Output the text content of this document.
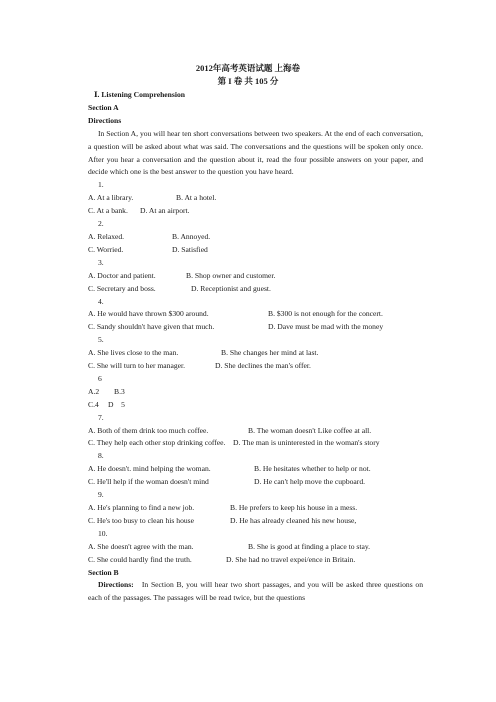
2012年高考英语试题 上海卷
第 I 卷 共 105 分
Ⅰ. Listening Comprehension
Section A
Directions
In Section A, you will hear ten short conversations between two speakers. At the end of each conversation, a question will be asked about what was said. The conversations and the questions will be spoken only once. After you hear a conversation and the question about it, read the four possible answers on your paper, and decide which one is the best answer to the question you have heard.
1.
A. At a library.	B. At a hotel.
C. At a bank. D. At an airport.
2.
A. Relaxed.	B. Annoyed.
C. Worried.	D. Satisfied
3.
A. Doctor and patient.	B. Shop owner and customer.
C. Secretary and boss.	D. Receptionist and guest.
4.
A. He would have thrown $300 around.	B. $300 is not enough for the concert.
C. Sandy shouldn't have given that much.	D. Dave must be mad with the money
5.
A. She lives close to the man.	B. She changes her mind at last.
C. She will turn to her manager.	D. She declines the man's offer.
6
A.2 B.3
C.4 D    5
7.
A. Both of them drink too much coffee.	B. The woman doesn't Like coffee at all.
C. They help each other stop drinking coffee. D. The man is uninterested in the woman's story
8.
A. He doesn't. mind helping the woman.	B. He hesitates whether to help or not.
C. He'll help if the woman doesn't mind	D. He can't help move the cupboard.
9.
A. He's planning to find a new job.	B. He prefers to keep his house in a mess.
C. He's too busy to clean his house	D. He has already cleaned his new house,
10.
A. She doesn't agree with the man.	B. She is good at finding a place to stay.
C. She could hardly find the truth.	D. She had no travel expei/ence in Britain.
Section B
Directions: In Section B, you will hear two short passages, and you will be asked three questions on each of the passages. The passages will be read twice, but the questions
